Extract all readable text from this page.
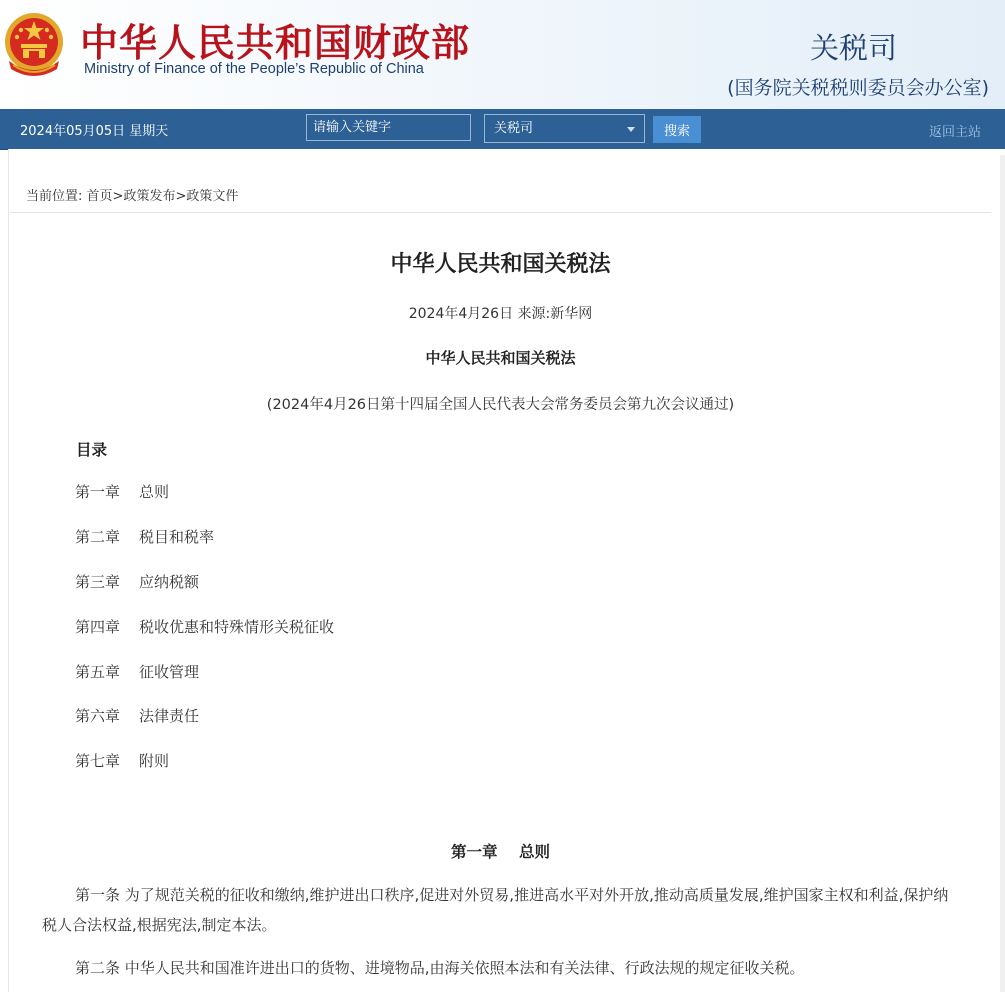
中华人民共和国财政部
Ministry of Finance of the People’s Republic of China
关税司
(国务院关税税则委员会办公室)
2024年05月05日 星期天
请输入关键字	关税司	搜索	返回主站
当前位置: 首页>政策发布>政策文件
中华人民共和国关税法
2024年4月26日 来源:新华网
中华人民共和国关税法
(2024年4月26日第十四届全国人民代表大会常务委员会第九次会议通过)
目录
第一章 总则
第二章 税目和税率
第三章 应纳税额
第四章 税收优惠和特殊情形关税征收
第五章 征收管理
第六章 法律责任
第七章 附则
第一章    总则
第一条 为了规范关税的征收和缴纳,维护进出口秩序,促进对外贸易,推进高水平对外开放,推动高质量发展,维护国家主权和利益,保护纳税人合法权益,根据宪法,制定本法。
第二条 中华人民共和国准许进出口的货物、进境物品,由海关依照本法和有关法律、行政法规的规定征收关税。
